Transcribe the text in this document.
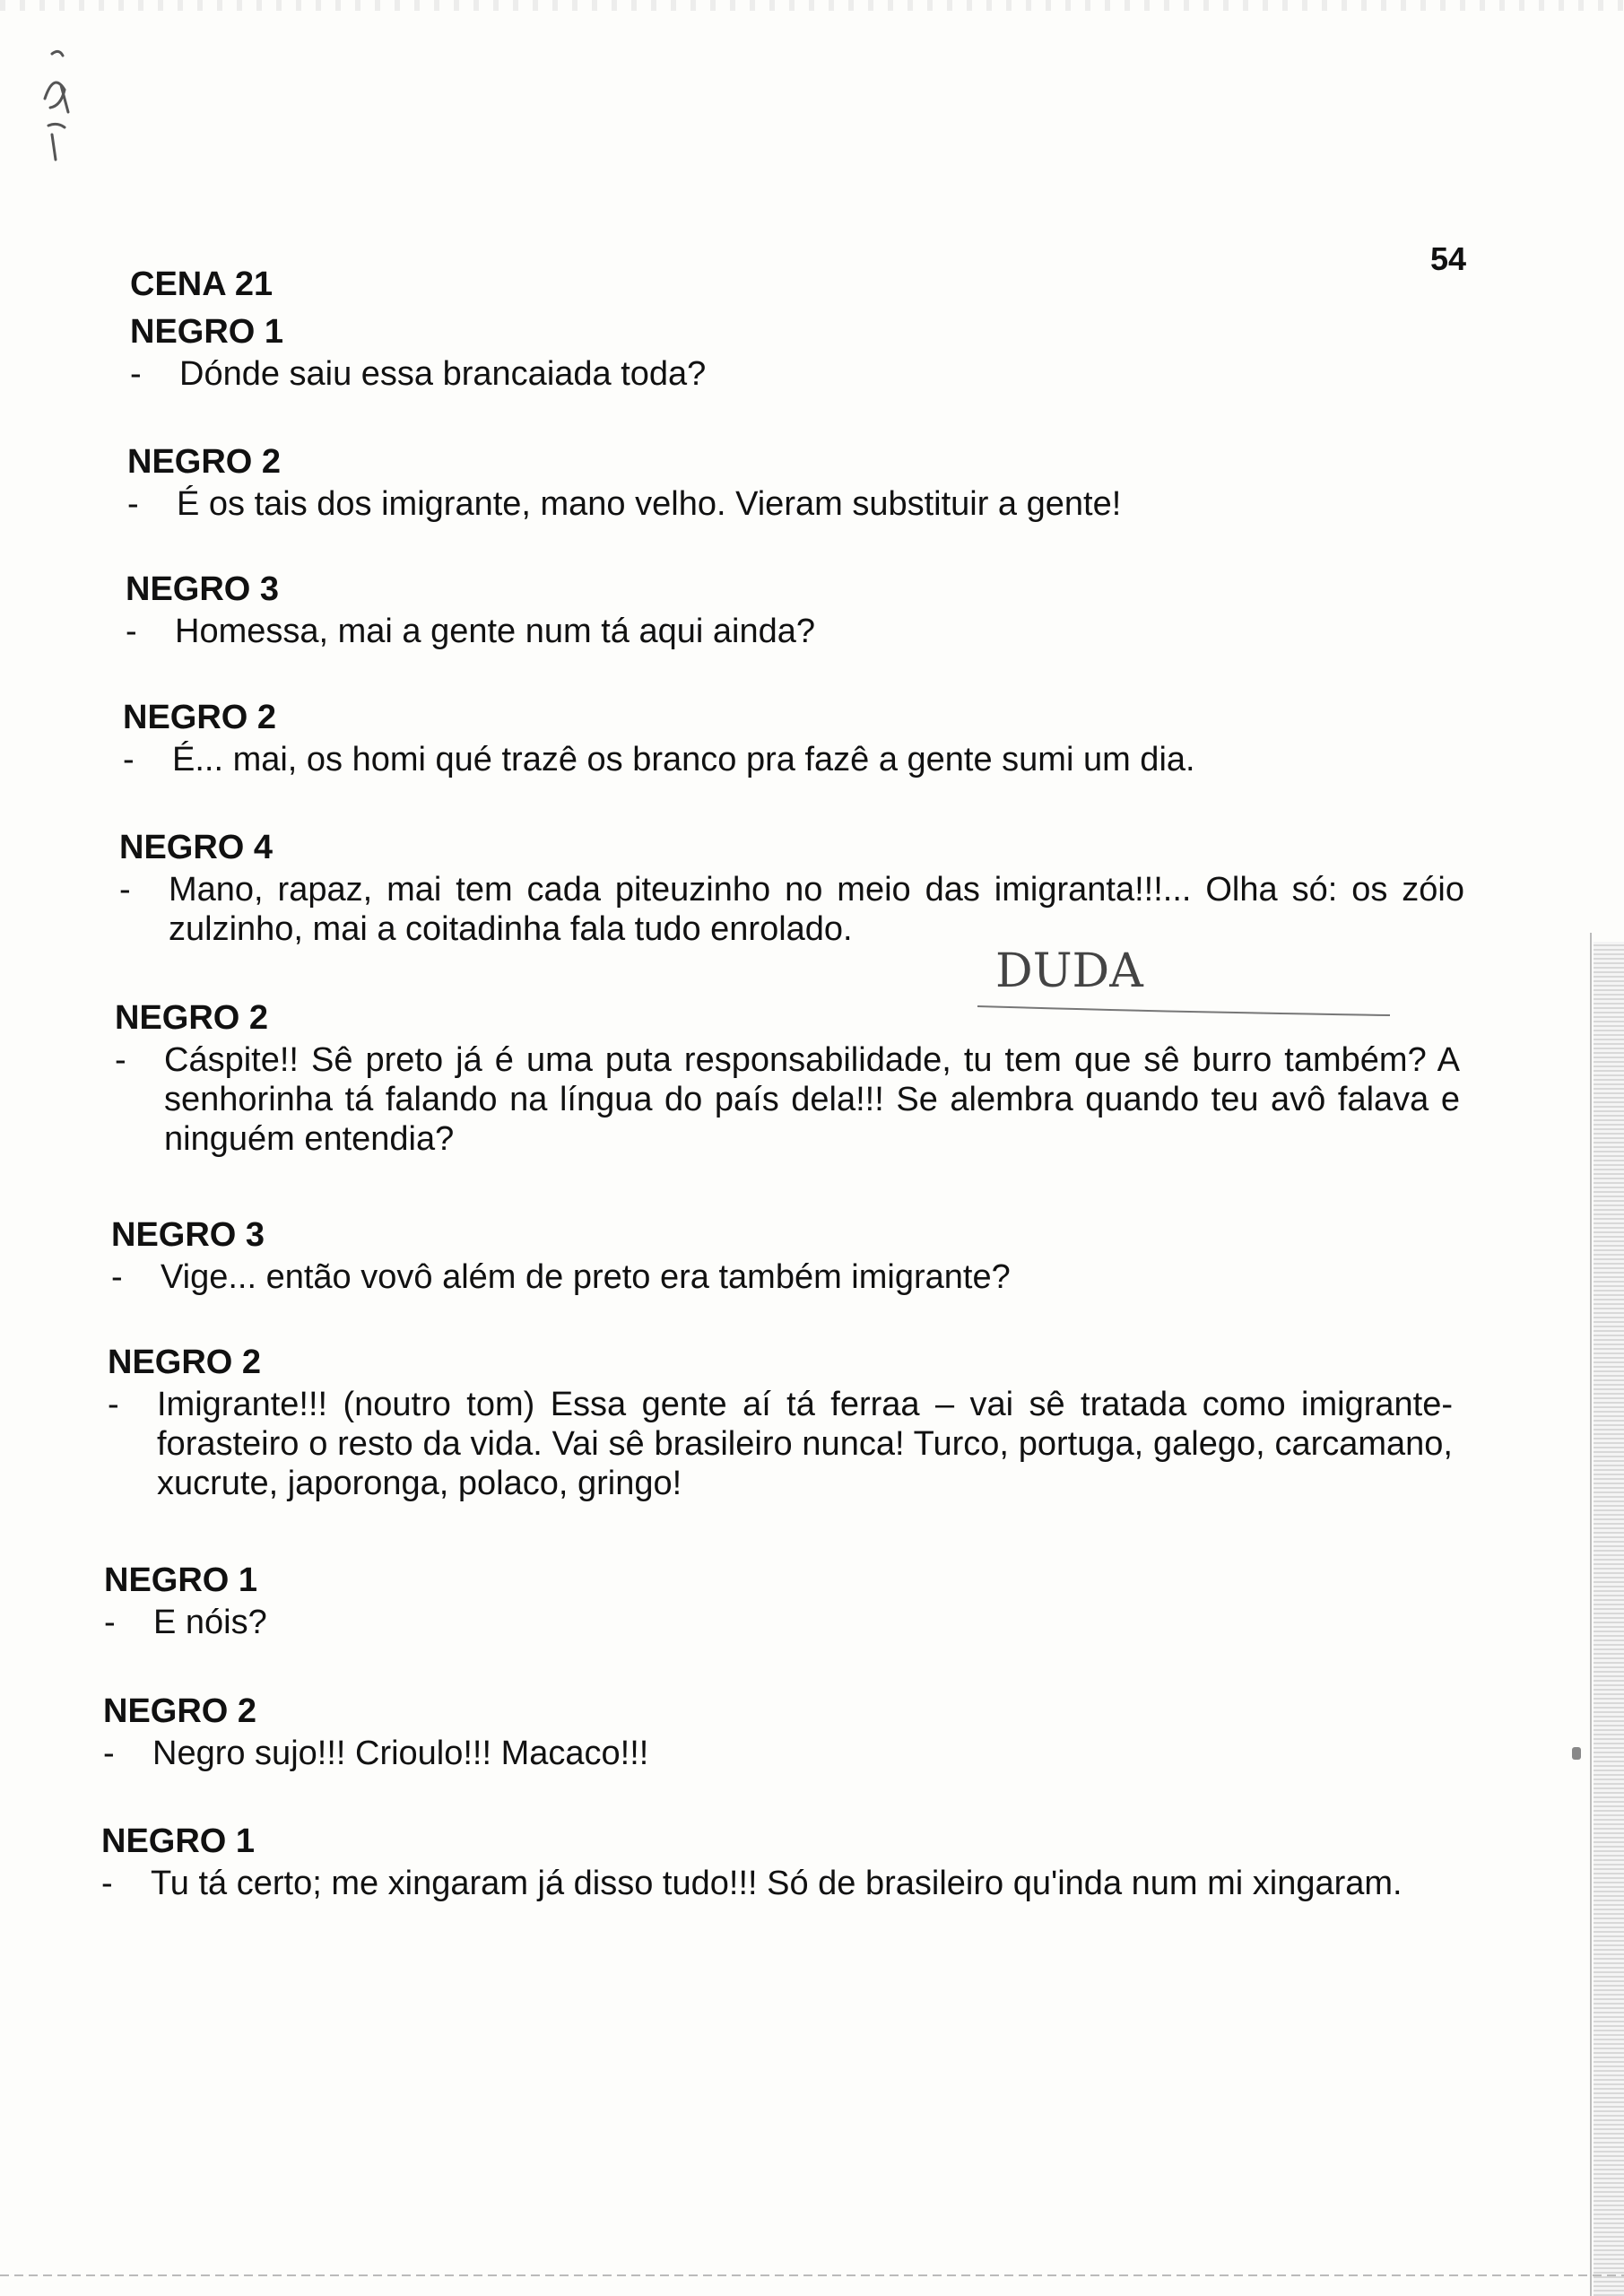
54
CENA 21
NEGRO 1
- Dónde saiu essa brancaiada toda?
NEGRO 2
- É os tais dos imigrante, mano velho. Vieram substituir a gente!
NEGRO 3
- Homessa, mai a gente num tá aqui ainda?
NEGRO 2
- É... mai, os homi qué trazê os branco pra fazê a gente sumi um dia.
NEGRO 4
- Mano, rapaz, mai tem cada piteuzinho no meio das imigranta!!!... Olha só: os zóio zulzinho, mai a coitadinha fala tudo enrolado.
DUDA
NEGRO 2
- Cáspite!! Sê preto já é uma puta responsabilidade, tu tem que sê burro também? A senhorinha tá falando na língua do país dela!!! Se alembra quando teu avô falava e ninguém entendia?
NEGRO 3
- Vige... então vovô além de preto era também imigrante?
NEGRO 2
- Imigrante!!! (noutro tom) Essa gente aí tá ferraa – vai sê tratada como imigrante-forasteiro o resto da vida. Vai sê brasileiro nunca! Turco, portuga, galego, carcamano, xucrute, japoronga, polaco, gringo!
NEGRO 1
- E nóis?
NEGRO 2
- Negro sujo!!! Crioulo!!! Macaco!!!
NEGRO 1
- Tu tá certo; me xingaram já disso tudo!!! Só de brasileiro qu'inda num mi xingaram.
